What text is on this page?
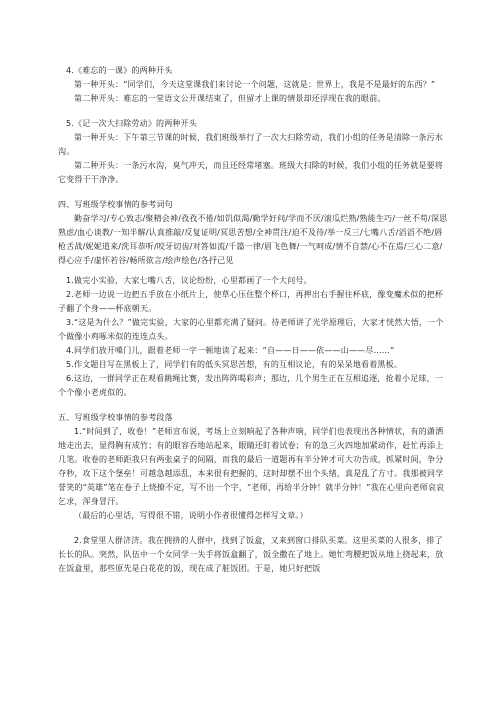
4.《难忘的一课》的两种开头

第一种开头：“同学们，今天这堂课我们来讨论一个问题，这就是：世界上，我是不是最好的东西？”

第二种开头：难忘的一堂语文公开课结束了，但留才上课的情景却还浮现在我的眼前。

5.《记一次大扫除劳动》的两种开头

第一种开头：下午第三节课的时候，我们班级举行了一次大扫除劳动，我们小组的任务是清除一条污水沟。

第二种开头：一条污水沟，臭气冲天，而且还经常堵塞。班级大扫除的时候，我们小组的任务就是要将它变得干干净净。

四、写班级学校事情的参考词句

勤奋学习/专心致志/聚精会神/孜孜不倦/如饥似渴/勤学好问/学而不厌/滚瓜烂熟/熟能生巧/一丝不苟/深思熟虑/血心谈教/一知半解/认真推敲/反复证明/冥思苦想/全神贯注/迫不及待/举一反三/七嘴八舌/滔滔不绝/唇枪舌战/妮妮道来/洗耳恭听/咬牙切齿/对答如流/千篇一律/眉飞色舞/一气呵成/情不自禁/心不在焉/三心二意/得心应手/虚怀若谷/畅所欲言/绘声绘色/各抒己见

1.做完小实验，大家七嘴八舌，议论纷纷，心里都画了一个大问号。

2.老师一边说一边把五手放在小纸片上，使草心压住整个杯口，再押出右手握住杯底，像变魔术似的把杯子翻了个身——杯底朝天。

3.“这是为什么？”做完实验，大家的心里都充满了疑问。待老师讲了光学原理后，大家才恍然大悟，一个个做像小鸡啄米似的连连点头。

4.同学们放开嗓门儿，跟着老师一字一顿地读了起来：“自——日——依——山——尽……”

5.作文题目写在黑板上了，同学们有的低头冥思苦想，有的互相议论，有的呆呆地看着黑板。

6.这边，一群同学正在观看跳绳比赛，发出阵阵喝彩声；那边，几个男生正在互相追逐，抢着小足球，一个个像小老虎似的。

五、写班级学校事情的参考段落

1.“时间到了，收卷！”老师宣布说，考场上立刻响起了各种声响，同学们也表现出各种情状，有的潇洒地走出去，显得胸有成竹；有的眼容吞地站起来，眼睛还盯着试卷；有的急三火四地加紧动作，赶忙再添上几笔。收卷的老师距我只有两张桌子的间隔，而我的最后一道题再有半分钟才可大功告成，抓紧时间，争分夺秒，攻下这个堡垒！可越急越添乱，本来很有把握的，这时却摆不出个头绪，真是乱了方寸。我那被同学誉笑的“英雄”笔在卷子上烧撩不定，写不出一个字，“老师，再给半分钟！就半分钟！”我在心里向老师哀哀乞求，浑身冒汗。

（最后的心里话，写得很不错，说明小作者很懂得怎样写文章。）

2.食堂里人群济济。我在拥挤的人群中，找到了饭盒，又来到窗口排队买菜。这里买菜的人很多，排了长长的队。突然，队伍中一个女同学一失手将饭盒翻了，饭全撒在了地上。她忙弯腰把饭从地上挠起来，放在饭盒里，那些原先是白花花的饭，现在成了脏饭团。于是，她只好把饭
